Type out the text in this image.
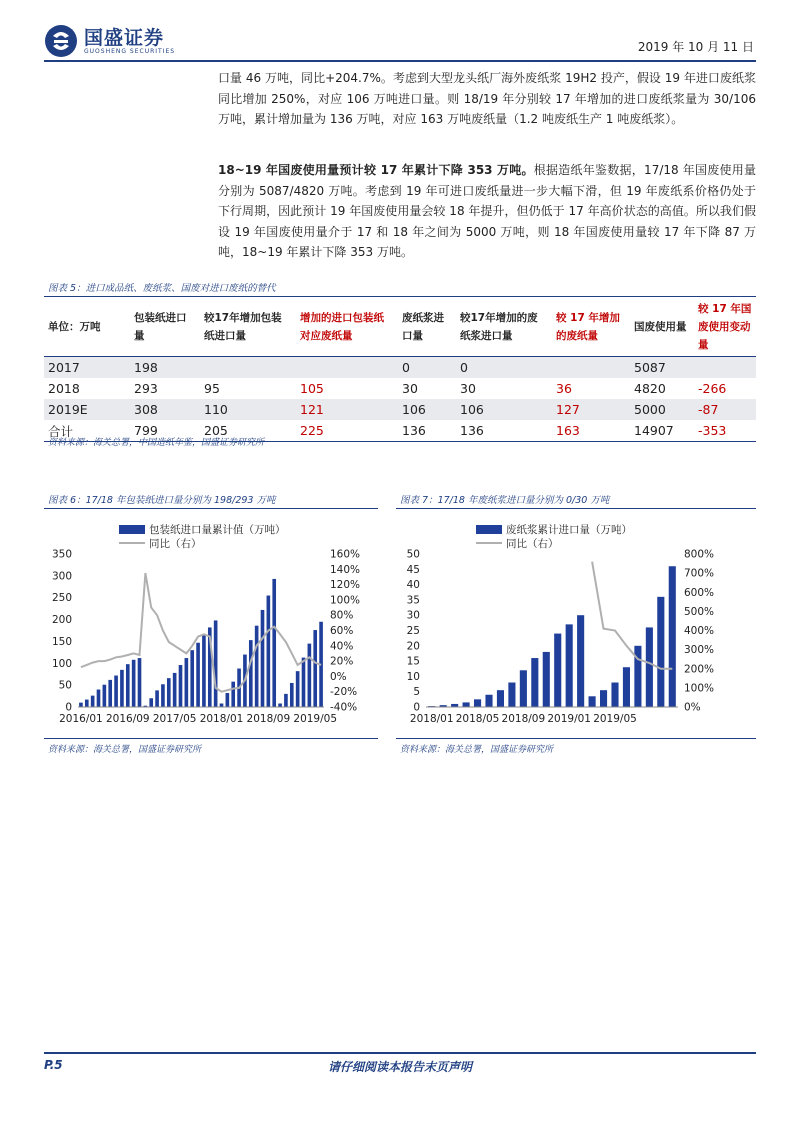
国盛证券
GUOSHENG SECURITIES	2019 年 10 月 11 日
口量 46 万吨，同比+204.7%。考虑到大型龙头纸厂海外废纸浆 19H2 投产，假设 19 年进口废纸浆同比增加 250%，对应 106 万吨进口量。则 18/19 年分别较 17 年增加的进口废纸浆量为 30/106 万吨，累计增加量为 136 万吨，对应 163 万吨废纸量（1.2 吨废纸生产 1 吨废纸浆）。
18~19 年国废使用量预计较 17 年累计下降 353 万吨。根据造纸年鉴数据，17/18 年国废使用量分别为 5087/4820 万吨。考虑到 19 年可进口废纸量进一步大幅下滑，但 19 年废纸系价格仍处于下行周期，因此预计 19 年国废使用量会较 18 年提升，但仍低于 17 年高价状态的高值。所以我们假设 19 年国废使用量介于 17 和 18 年之间为 5000 万吨，则 18 年国废使用量较 17 年下降 87 万吨，18~19 年累计下降 353 万吨。
图表 5：进口成品纸、废纸浆、国废对进口废纸的替代
单位：万吨	包装纸进口量	较17年增加包装纸进口量	增加的进口包装纸对应废纸量	废纸浆进口量	较17年增加的废纸浆进口量	较 17 年增加的废纸量	国废使用量	较 17 年国废使用变动量
2017	198			0	0		5087	
2018	293	95	105	30	30	36	4820	-266
2019E	308	110	121	106	106	127	5000	-87
合计	799	205	225	136	136	163	14907	-353
资料来源：海关总署，中国造纸年鉴，国盛证券研究所
图表 6：17/18 年包装纸进口量分别为 198/293 万吨
0
50
100
150
200
250
300
350
-40%
-20%
0%
20%
40%
60%
80%
100%
120%
140%
160%
2016/01 2016/09 2017/05 2018/01 2018/09 2019/05
包装纸进口量累计值（万吨）
同比（右）
资料来源：海关总署，国盛证券研究所
图表 7：17/18 年废纸浆进口量分别为 0/30 万吨
0
5
10
15
20
25
30
35
40
45
50
0%
100%
200%
300%
400%
500%
600%
700%
800%
2018/01 2018/05 2018/09 2019/01 2019/05
废纸浆累计进口量（万吨）
同比（右）
资料来源：海关总署，国盛证券研究所
P.5	请仔细阅读本报告末页声明
